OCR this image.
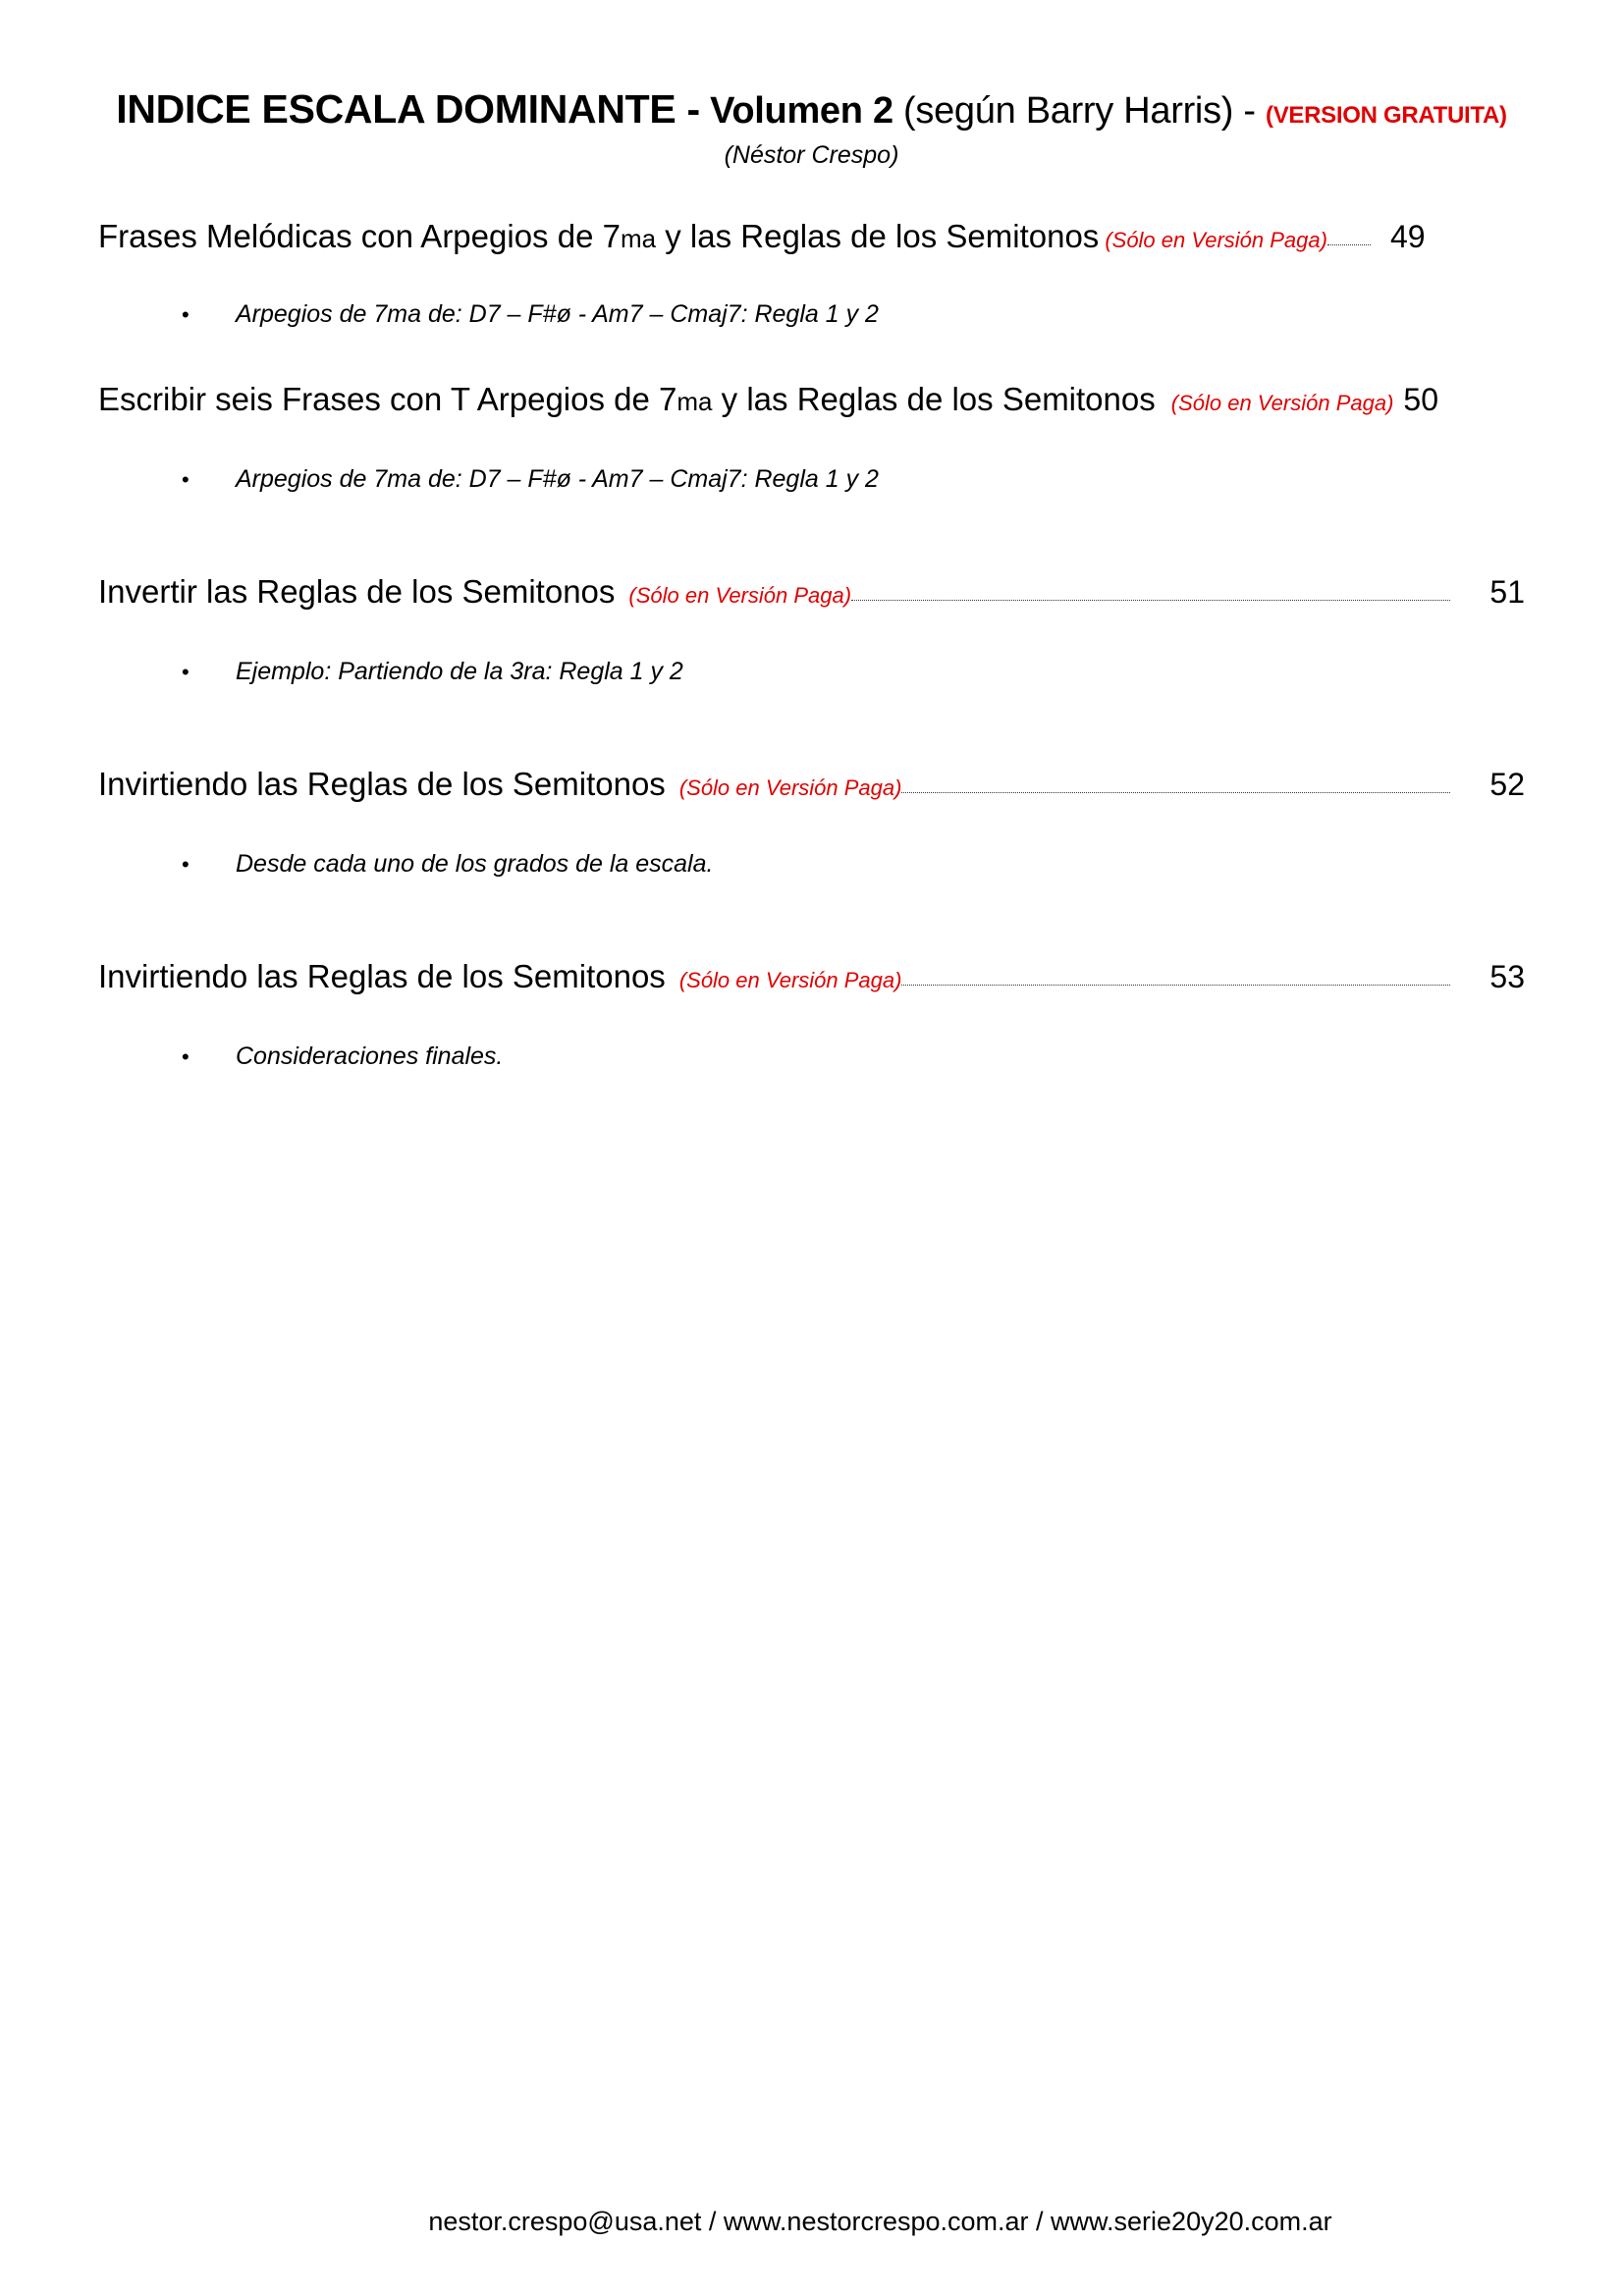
INDICE ESCALA DOMINANTE - Volumen 2 (según Barry Harris) - (VERSION GRATUITA)
(Néstor Crespo)
Frases Melódicas con Arpegios de 7ma y las Reglas de los Semitonos (Sólo en Versión Paga) 49
• Arpegios de 7ma de: D7 – F#ø - Am7 – Cmaj7: Regla 1 y 2
Escribir seis Frases con T Arpegios de 7ma y las Reglas de los Semitonos (Sólo en Versión Paga) 50
• Arpegios de 7ma de: D7 – F#ø - Am7 – Cmaj7: Regla 1 y 2
Invertir las Reglas de los Semitonos (Sólo en Versión Paga)	51
• Ejemplo: Partiendo de la 3ra: Regla 1 y 2
Invirtiendo las Reglas de los Semitonos (Sólo en Versión Paga)	52
• Desde cada uno de los grados de la escala.
Invirtiendo las Reglas de los Semitonos (Sólo en Versión Paga)	53
• Consideraciones finales.
nestor.crespo@usa.net / www.nestorcrespo.com.ar / www.serie20y20.com.ar
